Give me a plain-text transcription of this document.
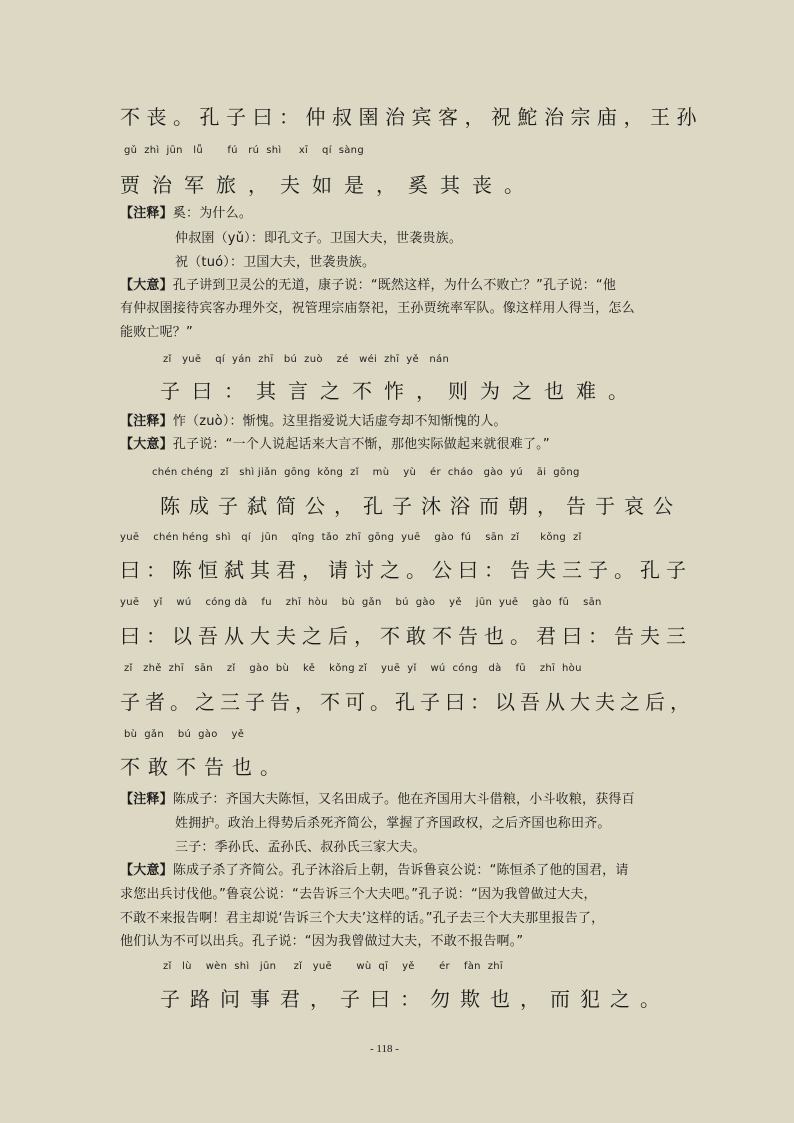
不丧。孔子曰：仲叔圉治宾客，祝鮀治宗庙，王孙
gǔ  zhì  jūn   lǚ       fú   rú  shì     xī    qí  sàng
贾治军旅，夫如是，奚其丧。
【注释】奚：为什么。
仲叔圉（yǔ）：即孔文子。卫国大夫，世袭贵族。
祝（tuó）：卫国大夫，世袭贵族。
【大意】孔子讲到卫灵公的无道，康子说：“既然这样，为什么不败亡？”孔子说：“他
有仲叔圉接待宾客办理外交，祝管理宗庙祭祀，王孙贾统率军队。像这样用人得当，怎么
能败亡呢？”
zǐ   yuē    qí  yán  zhī   bú  zuò    zé   wéi  zhī  yě   nán
子曰：其言之不怍，则为之也难。
【注释】怍（zuò）：惭愧。这里指爱说大话虚夸却不知惭愧的人。
【大意】孔子说：“一个人说起话来大言不惭，那他实际做起来就很难了。”
chén chéng  zǐ   shì jiǎn  gōng  kǒng  zǐ    mù    yù    ér  cháo   gào  yú    āi  gōng
陈成子弑简公，孔子沐浴而朝，告于哀公
yuē    chén héng  shì   qí   jūn    qǐng  tǎo  zhī  gōng  yuē    gào  fú    sān  zǐ      kǒng  zǐ
曰：陈恒弑其君，请讨之。公曰：告夫三子。孔子
yuē    yǐ    wú    cóng dà    fu    zhī  hòu    bù  gǎn    bú  gào    yě    jūn  yuē    gào  fū    sān
曰：以吾从大夫之后，不敢不告也。君曰：告夫三
zǐ   zhě  zhī   sān    zǐ    gào  bù    kě    kǒng zǐ    yuē  yǐ    wú  cóng   dà    fū    zhī  hòu
子者。之三子告，不可。孔子曰：以吾从大夫之后，
bù  gǎn    bú  gào    yě
不敢不告也。
【注释】陈成子：齐国大夫陈恒，又名田成子。他在齐国用大斗借粮，小斗收粮，获得百
姓拥护。政治上得势后杀死齐简公，掌握了齐国政权，之后齐国也称田齐。
三子：季孙氏、孟孙氏、叔孙氏三家大夫。
【大意】陈成子杀了齐简公。孔子沐浴后上朝，告诉鲁哀公说：“陈恒杀了他的国君，请
求您出兵讨伐他。”鲁哀公说：“去告诉三个大夫吧。”孔子说：“因为我曾做过大夫，
不敢不来报告啊！君主却说‘告诉三个大夫’这样的话。”孔子去三个大夫那里报告了，
他们认为不可以出兵。孔子说：“因为我曾做过大夫，不敢不报告啊。”
zǐ   lù    wèn  shì   jūn     zǐ   yuē       wù  qī    yě       ér    fàn  zhī
子路问事君，子曰：勿欺也，而犯之。
- 118 -
